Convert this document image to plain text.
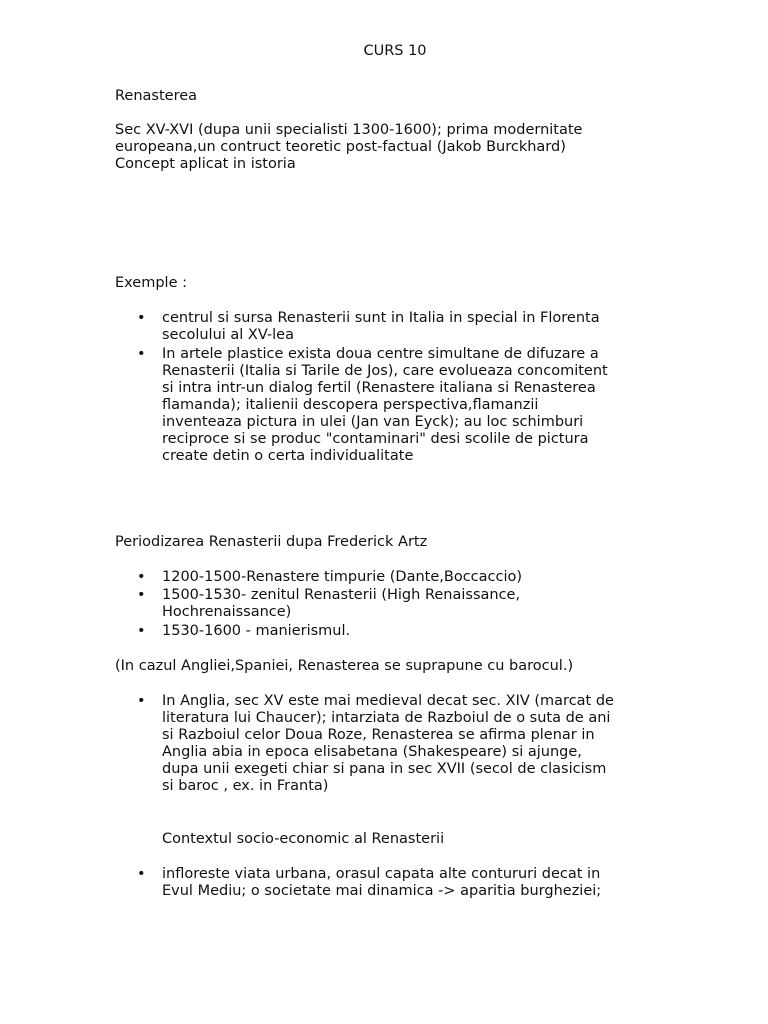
CURS 10
Renasterea
Sec XV-XVI (dupa unii specialisti 1300-1600); prima modernitate
europeana,un contruct teoretic post-factual (Jakob Burckhard)
Concept aplicat in istoria
Exemple :
• centrul si sursa Renasterii sunt in Italia in special in Florenta
secolului al XV-lea
• In artele plastice exista doua centre simultane de difuzare a
Renasterii (Italia si Tarile de Jos), care evolueaza concomitent
si intra intr-un dialog fertil (Renastere italiana si Renasterea
flamanda); italienii descopera perspectiva,flamanzii
inventeaza pictura in ulei (Jan van Eyck); au loc schimburi
reciproce si se produc "contaminari" desi scolile de pictura
create detin o certa individualitate
Periodizarea Renasterii dupa Frederick Artz
• 1200-1500-Renastere timpurie (Dante,Boccaccio)
• 1500-1530- zenitul Renasterii (High Renaissance,
Hochrenaissance)
• 1530-1600 - manierismul.
(In cazul Angliei,Spaniei, Renasterea se suprapune cu barocul.)
• In Anglia, sec XV este mai medieval decat sec. XIV (marcat de
literatura lui Chaucer); intarziata de Razboiul de o suta de ani
si Razboiul celor Doua Roze, Renasterea se afirma plenar in
Anglia abia in epoca elisabetana (Shakespeare) si ajunge,
dupa unii exegeti chiar si pana in sec XVII (secol de clasicism
si baroc , ex. in Franta)
Contextul socio-economic al Renasterii
• infloreste viata urbana, orasul capata alte contururi decat in
Evul Mediu; o societate mai dinamica -> aparitia burgheziei;
